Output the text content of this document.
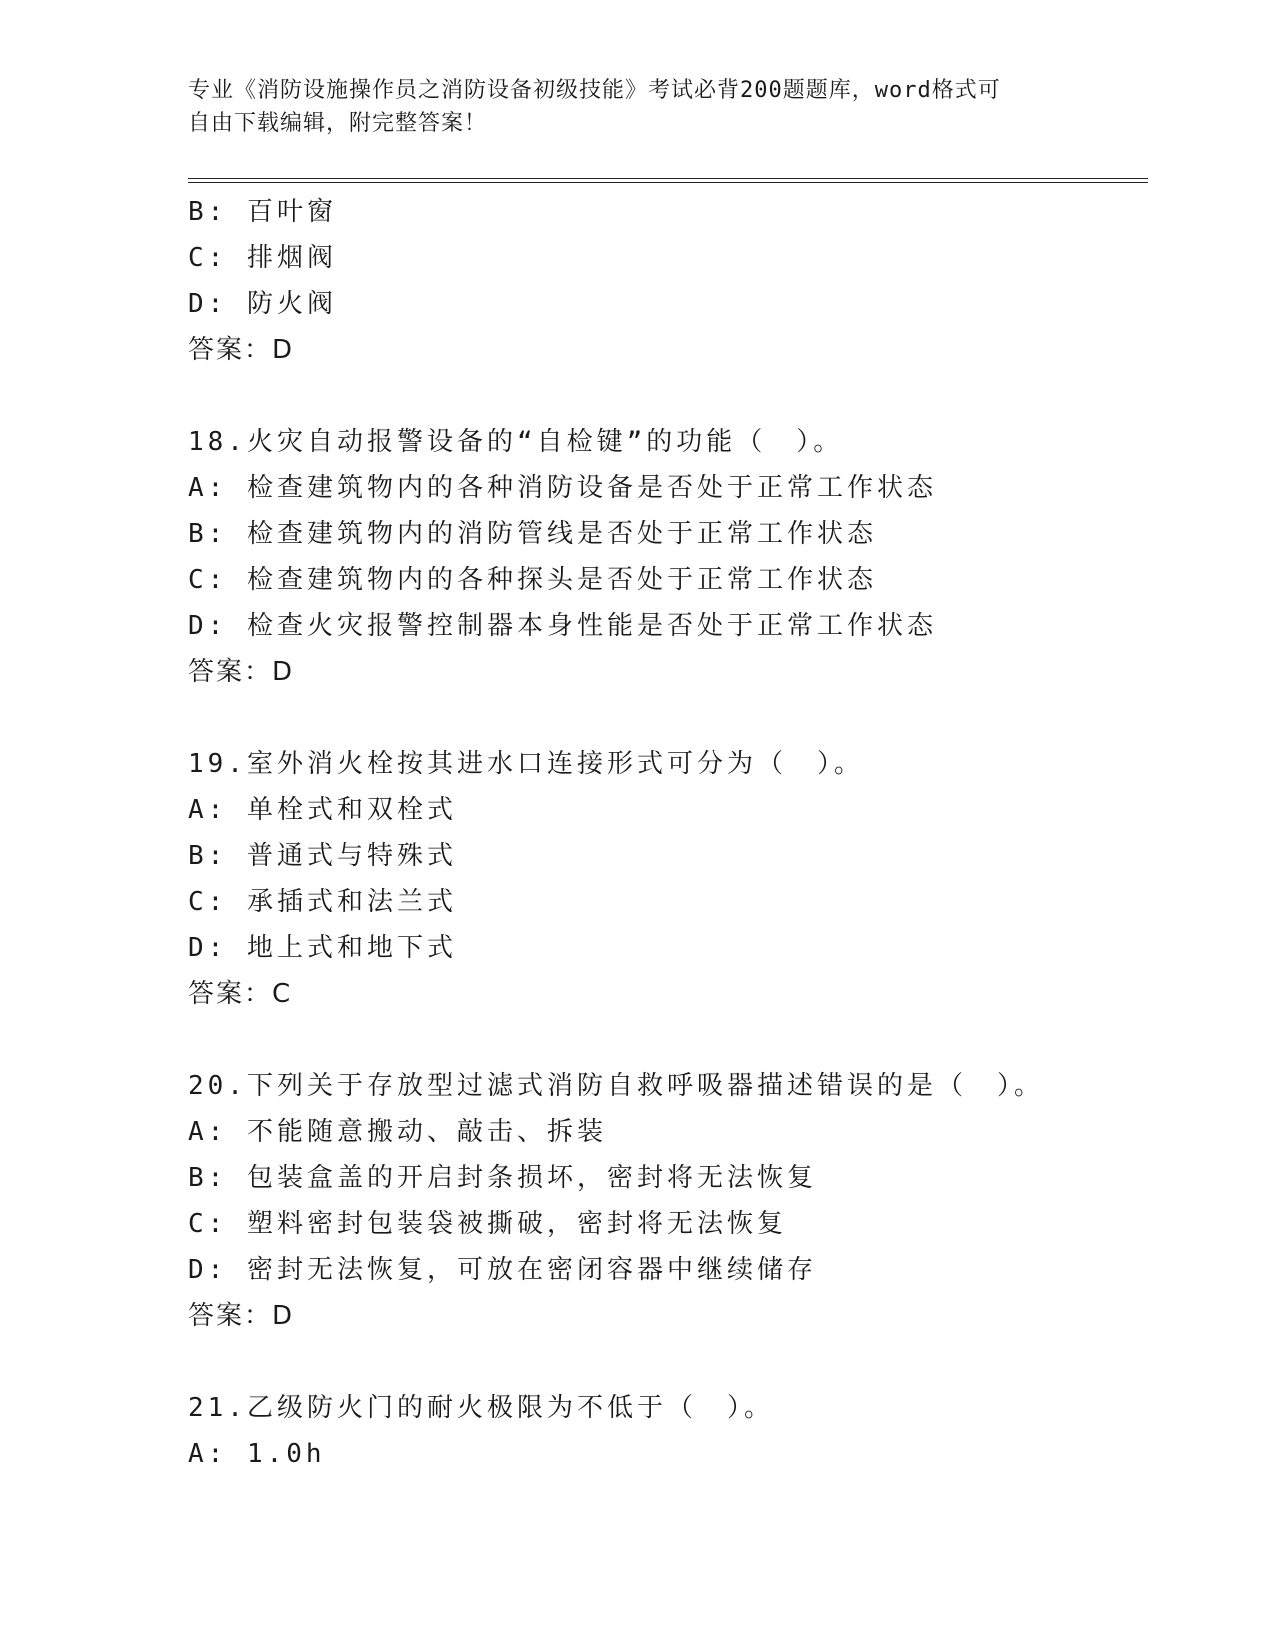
专业《消防设施操作员之消防设备初级技能》考试必背200题题库，word格式可
自由下载编辑，附完整答案！
B: 百叶窗
C: 排烟阀
D: 防火阀
答案：D
18.火灾自动报警设备的“自检键”的功能（　）。
A: 检查建筑物内的各种消防设备是否处于正常工作状态
B: 检查建筑物内的消防管线是否处于正常工作状态
C: 检查建筑物内的各种探头是否处于正常工作状态
D: 检查火灾报警控制器本身性能是否处于正常工作状态
答案：D
19.室外消火栓按其进水口连接形式可分为（　）。
A: 单栓式和双栓式
B: 普通式与特殊式
C: 承插式和法兰式
D: 地上式和地下式
答案：C
20.下列关于存放型过滤式消防自救呼吸器描述错误的是（　）。
A: 不能随意搬动、敲击、拆装
B: 包装盒盖的开启封条损坏，密封将无法恢复
C: 塑料密封包装袋被撕破，密封将无法恢复
D: 密封无法恢复，可放在密闭容器中继续储存
答案：D
21.乙级防火门的耐火极限为不低于（　）。
A: 1.0h
